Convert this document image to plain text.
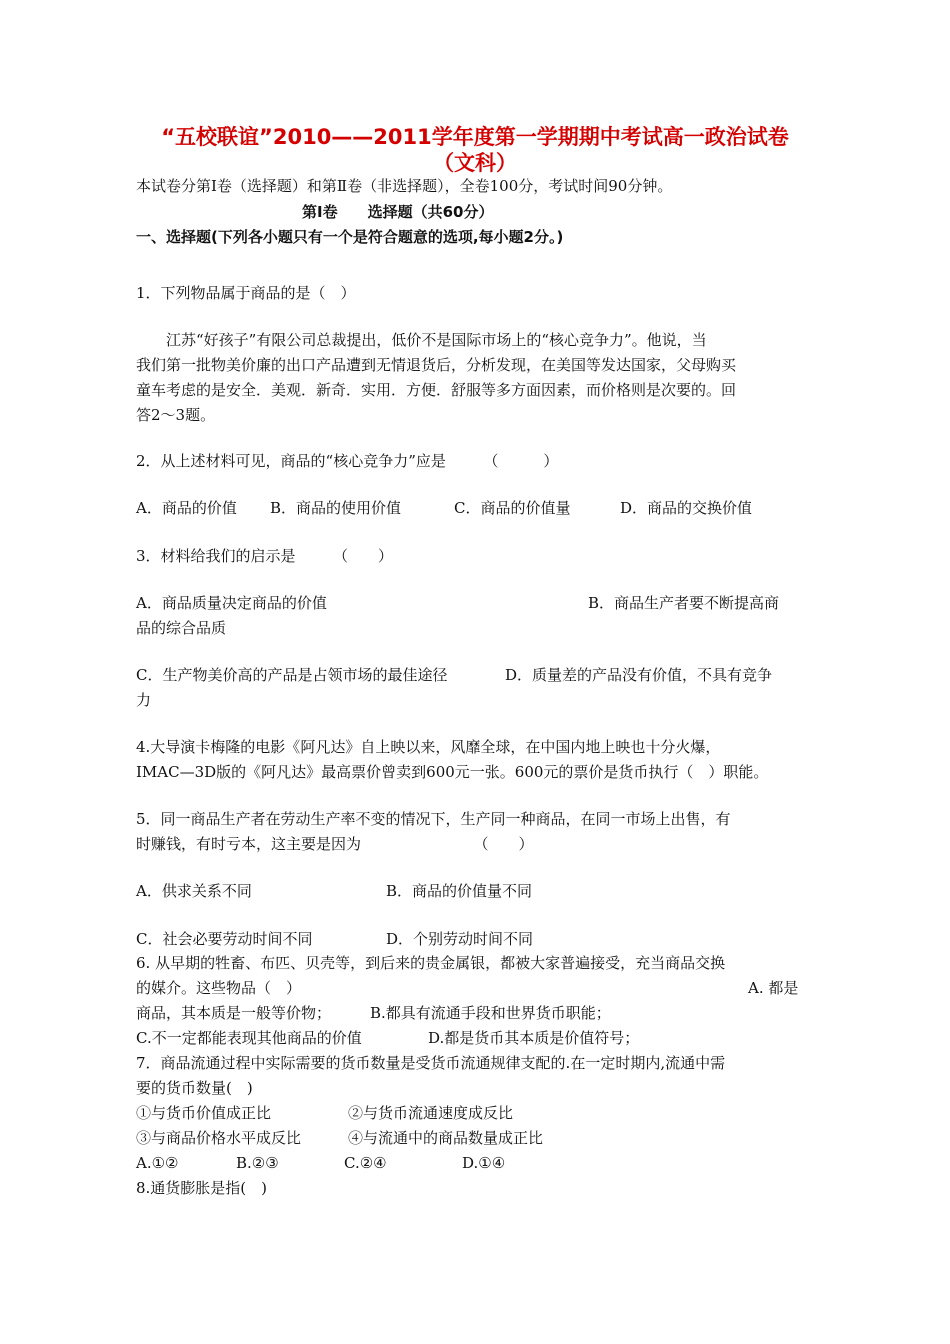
“五校联谊”2010——2011学年度第一学期期中考试高一政治试卷
（文科）
本试卷分第Ⅰ卷（选择题）和第Ⅱ卷（非选择题），全卷100分，考试时间90分钟。
第Ⅰ卷　　选择题（共60分）
一、选择题(下列各小题只有一个是符合题意的选项,每小题2分。)
1．下列物品属于商品的是（　）
江苏“好孩子”有限公司总裁提出，低价不是国际市场上的“核心竞争力”。他说，当
我们第一批物美价廉的出口产品遭到无情退货后，分析发现，在美国等发达国家，父母购买
童车考虑的是安全．美观．新奇．实用．方便．舒服等多方面因素，而价格则是次要的。回
答2～3题。
2．从上述材料可见，商品的“核心竞争力”应是　　　（　　　）
A．商品的价值 B．商品的使用价值	C．商品的价值量	D．商品的交换价值
3．材料给我们的启示是　　　（　　）
A．商品质量决定商品的价值	B．商品生产者要不断提高商
品的综合品质
C．生产物美价高的产品是占领市场的最佳途径	D．质量差的产品没有价值，不具有竞争
力
4.大导演卡梅隆的电影《阿凡达》自上映以来，风靡全球，在中国内地上映也十分火爆，
IMAC—3D版的《阿凡达》最高票价曾卖到600元一张。600元的票价是货币执行（　）职能。
5．同一商品生产者在劳动生产率不变的情况下，生产同一种商品，在同一市场上出售，有
时赚钱，有时亏本，这主要是因为　　　　　　　　（　　）
A．供求关系不同	B．商品的价值量不同
C．社会必要劳动时间不同	D．个别劳动时间不同
6. 从早期的牲畜、布匹、贝壳等，到后来的贵金属银，都被大家普遍接受，充当商品交换
的媒介。这些物品（　）	A. 都是
商品，其本质是一般等价物；	B.都具有流通手段和世界货币职能；
C.不一定都能表现其他商品的价值	D.都是货币其本质是价值符号；
7．商品流通过程中实际需要的货币数量是受货币流通规律支配的.在一定时期内,流通中需
要的货币数量(　)
①与货币价值成正比	②与货币流通速度成反比
③与商品价格水平成反比	④与流通中的商品数量成正比
A.①②	B.②③	C.②④	D.①④
8.通货膨胀是指(　)
